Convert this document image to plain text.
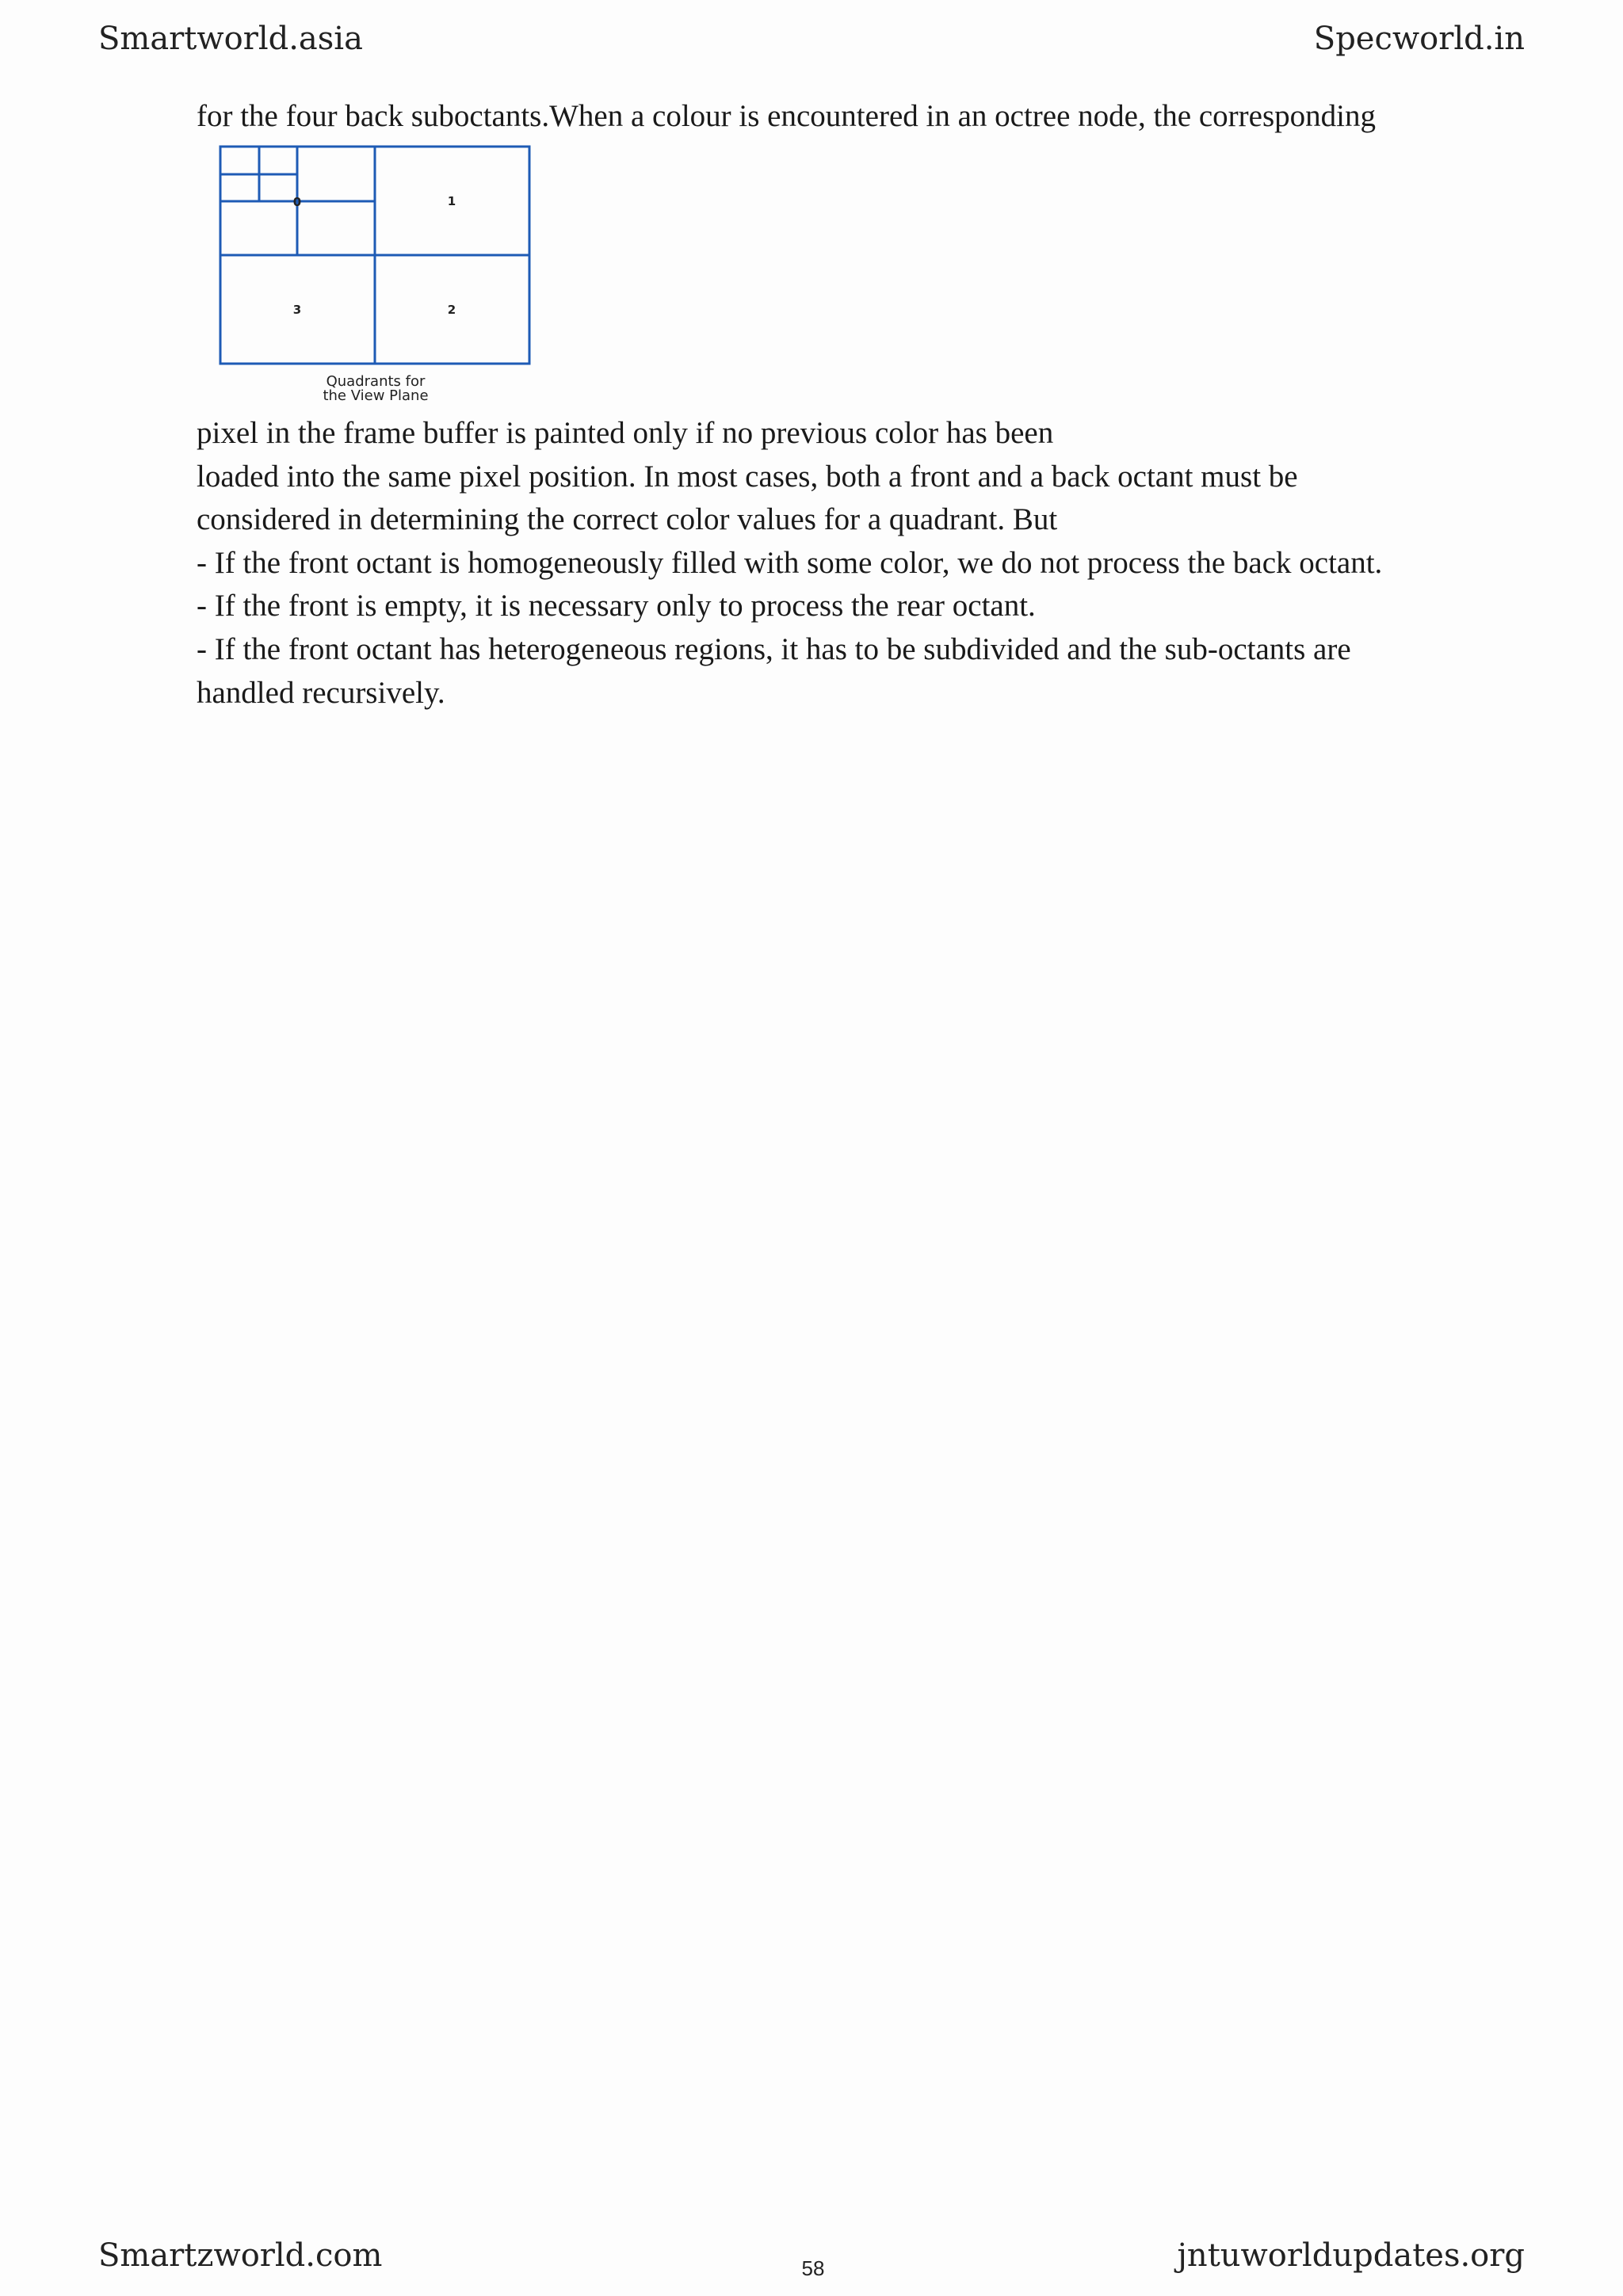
Smartworld.asia	Specworld.in
for the four back suboctants.When a colour is encountered in an octree node, the corresponding
0	1
2
3
Quadrants for
the View Plane
pixel in the frame buffer is painted only if no previous color has been
loaded into the same pixel position. In most cases, both a front and a back octant must be
considered in determining the correct color values for a quadrant. But
- If the front octant is homogeneously filled with some color, we do not process the back octant.
- If the front is empty, it is necessary only to process the rear octant.
- If the front octant has heterogeneous regions, it has to be subdivided and the sub-octants are
handled recursively.
Smartzworld.com	58	jntuworldupdates.org
